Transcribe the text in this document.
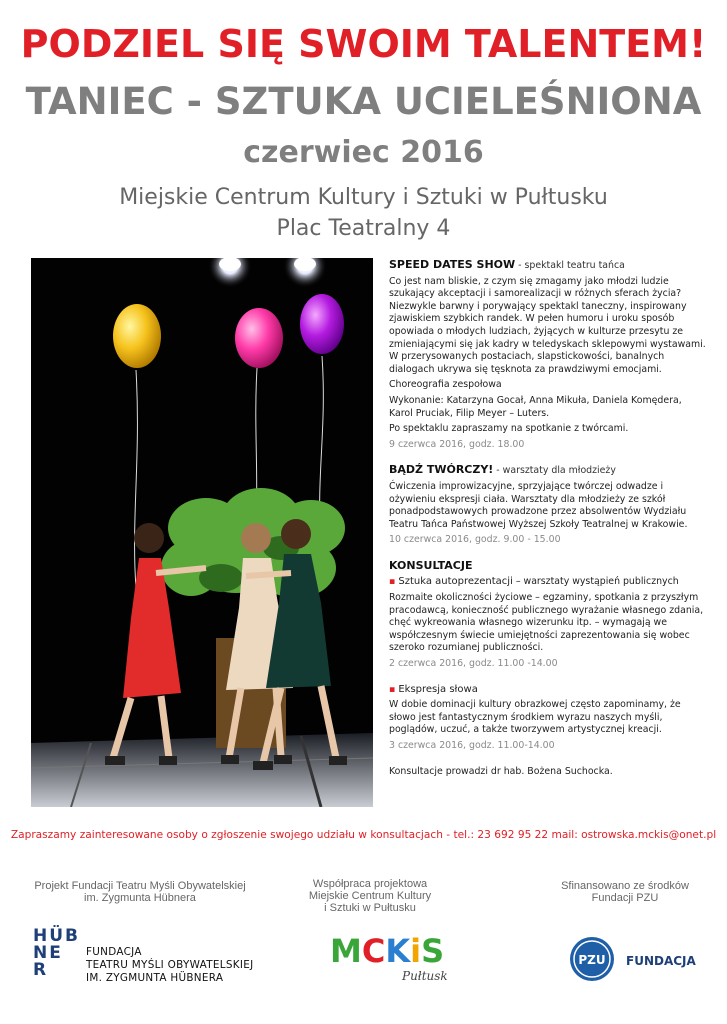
PODZIEL SIĘ SWOIM TALENTEM!
TANIEC - SZTUKA UCIELEŚNIONA
czerwiec 2016
Miejskie Centrum Kultury i Sztuki w Pułtusku
Plac Teatralny 4

SPEED DATES SHOW - spektakl teatru tańca

Co jest nam bliskie, z czym się zmagamy jako młodzi ludzie szukający akceptacji i samorealizacji w różnych sferach życia? Niezwykle barwny i porywający spektakl taneczny, inspirowany zjawiskiem szybkich randek. W pełen humoru i uroku sposób opowiada o młodych ludziach, żyjących w kulturze przesytu ze zmieniającymi się jak kadry w teledyskach sklepowymi wystawami. W przerysowanych postaciach, slapstickowości, banalnych dialogach ukrywa się tęsknota za prawdziwymi emocjami.

Choreografia zespołowa

Wykonanie: Katarzyna Gocał, Anna Mikuła, Daniela Komędera, Karol Pruciak, Filip Meyer – Luters.

Po spektaklu zapraszamy na spotkanie z twórcami.

9 czerwca 2016, godz. 18.00

BĄDŹ TWÓRCZY! - warsztaty dla młodzieży

Ćwiczenia improwizacyjne, sprzyjające twórczej odwadze i ożywieniu ekspresji ciała. Warsztaty dla młodzieży ze szkół ponadpodstawowych prowadzone przez absolwentów Wydziału Teatru Tańca Państwowej Wyższej Szkoły Teatralnej w Krakowie.

10 czerwca 2016, godz. 9.00 - 15.00

KONSULTACJE

▪ Sztuka autoprezentacji – warsztaty wystąpień publicznych

Rozmaite okoliczności życiowe – egzaminy, spotkania z przyszłym pracodawcą, konieczność publicznego wyrażanie własnego zdania, chęć wykreowania własnego wizerunku itp. – wymagają we współczesnym świecie umiejętności zaprezentowania się wobec szeroko rozumianej publiczności.

2 czerwca 2016, godz. 11.00 -14.00

▪ Ekspresja słowa

W dobie dominacji kultury obrazkowej często zapominamy, że słowo jest fantastycznym środkiem wyrazu naszych myśli, poglądów, uczuć, a także tworzywem artystycznej kreacji.

3 czerwca 2016, godz. 11.00-14.00

Konsultacje prowadzi dr hab. Bożena Suchocka.

Zapraszamy zainteresowane osoby o zgłoszenie swojego udziału w konsultacjach - tel.: 23 692 95 22 mail: ostrowska.mckis@onet.pl
Projekt Fundacji Teatru Myśli Obywatelskiej
im. Zygmunta Hübnera
Współpraca projektowa
Miejskie Centrum Kultury
i Sztuki w Pułtusku
Sfinansowano ze środków
Fundacji PZU
HÜB
NE
R
FUNDACJA
TEATRU MYŚLI OBYWATELSKIEJ
IM. ZYGMUNTA HÜBNERA
MCKiS
Pułtusk
PZU FUNDACJA
